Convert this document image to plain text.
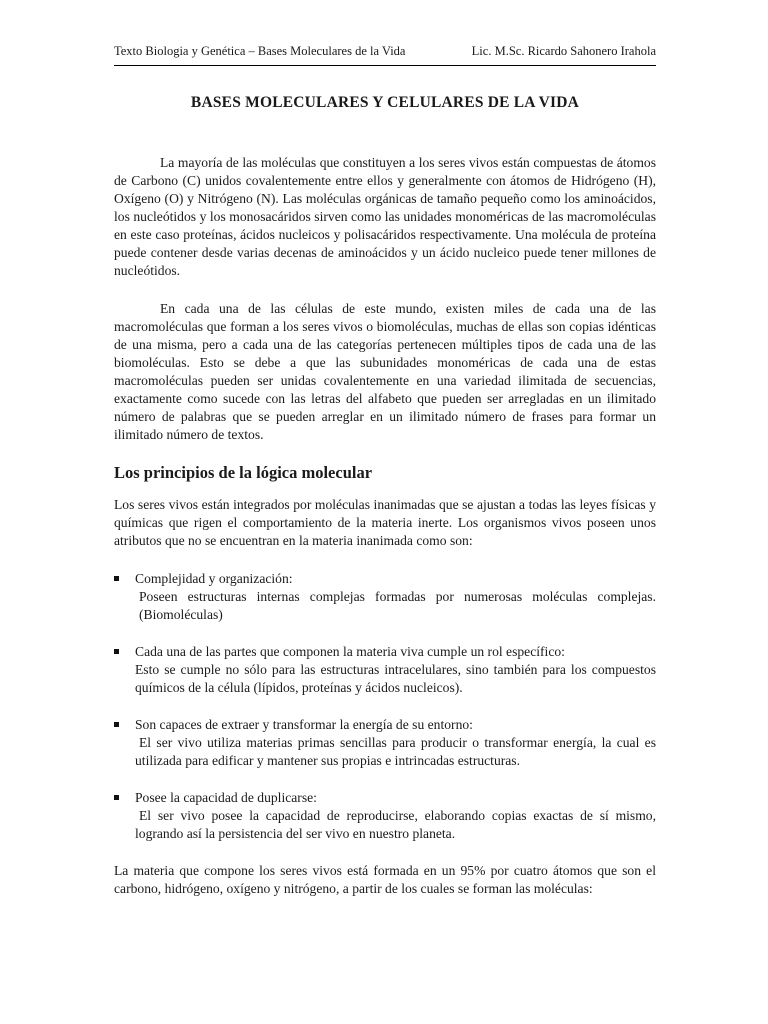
Texto Biologia y Genética – Bases Moleculares de la Vida	Lic. M.Sc. Ricardo Sahonero Irahola
BASES MOLECULARES Y CELULARES DE LA VIDA

La mayoría de las moléculas que constituyen a los seres vivos están compuestas de átomos de Carbono (C) unidos covalentemente entre ellos y generalmente con átomos de Hidrógeno (H), Oxígeno (O) y Nitrógeno (N). Las moléculas orgánicas de tamaño pequeño como los aminoácidos, los nucleótidos y los monosacáridos sirven como las unidades monoméricas de las macromoléculas en este caso proteínas, ácidos nucleicos y polisacáridos respectivamente. Una molécula de proteína puede contener desde varias decenas de aminoácidos y un ácido nucleico puede tener millones de nucleótidos.

En cada una de las células de este mundo, existen miles de cada una de las macromoléculas que forman a los seres vivos o biomoléculas, muchas de ellas son copias idénticas de una misma, pero a cada una de las categorías pertenecen múltiples tipos de cada una de las biomoléculas. Esto se debe a que las subunidades monoméricas de cada una de estas macromoléculas pueden ser unidas covalentemente en una variedad ilimitada de secuencias, exactamente como sucede con las letras del alfabeto que pueden ser arregladas en un ilimitado número de palabras que se pueden arreglar en un ilimitado número de frases para formar un ilimitado número de textos.

Los principios de la lógica molecular

Los seres vivos están integrados por moléculas inanimadas que se ajustan a todas las leyes físicas y químicas que rigen el comportamiento de la materia inerte. Los organismos vivos poseen unos atributos que no se encuentran en la materia inanimada como son:

Complejidad y organización:
Poseen estructuras internas complejas formadas por numerosas moléculas complejas. (Biomoléculas)
Cada una de las partes que componen la materia viva cumple un rol específico:
Esto se cumple no sólo para las estructuras intracelulares, sino también para los compuestos químicos de la célula (lípidos, proteínas y ácidos nucleicos).
Son capaces de extraer y transformar la energía de su entorno:
El ser vivo utiliza materias primas sencillas para producir o transformar energía, la cual es utilizada para edificar y mantener sus propias e intrincadas estructuras.
Posee la capacidad de duplicarse:
El ser vivo posee la capacidad de reproducirse, elaborando copias exactas de sí mismo, logrando así la persistencia del ser vivo en nuestro planeta.

La materia que compone los seres vivos está formada en un 95% por cuatro átomos que son el carbono, hidrógeno, oxígeno y nitrógeno, a partir de los cuales se forman las moléculas:
